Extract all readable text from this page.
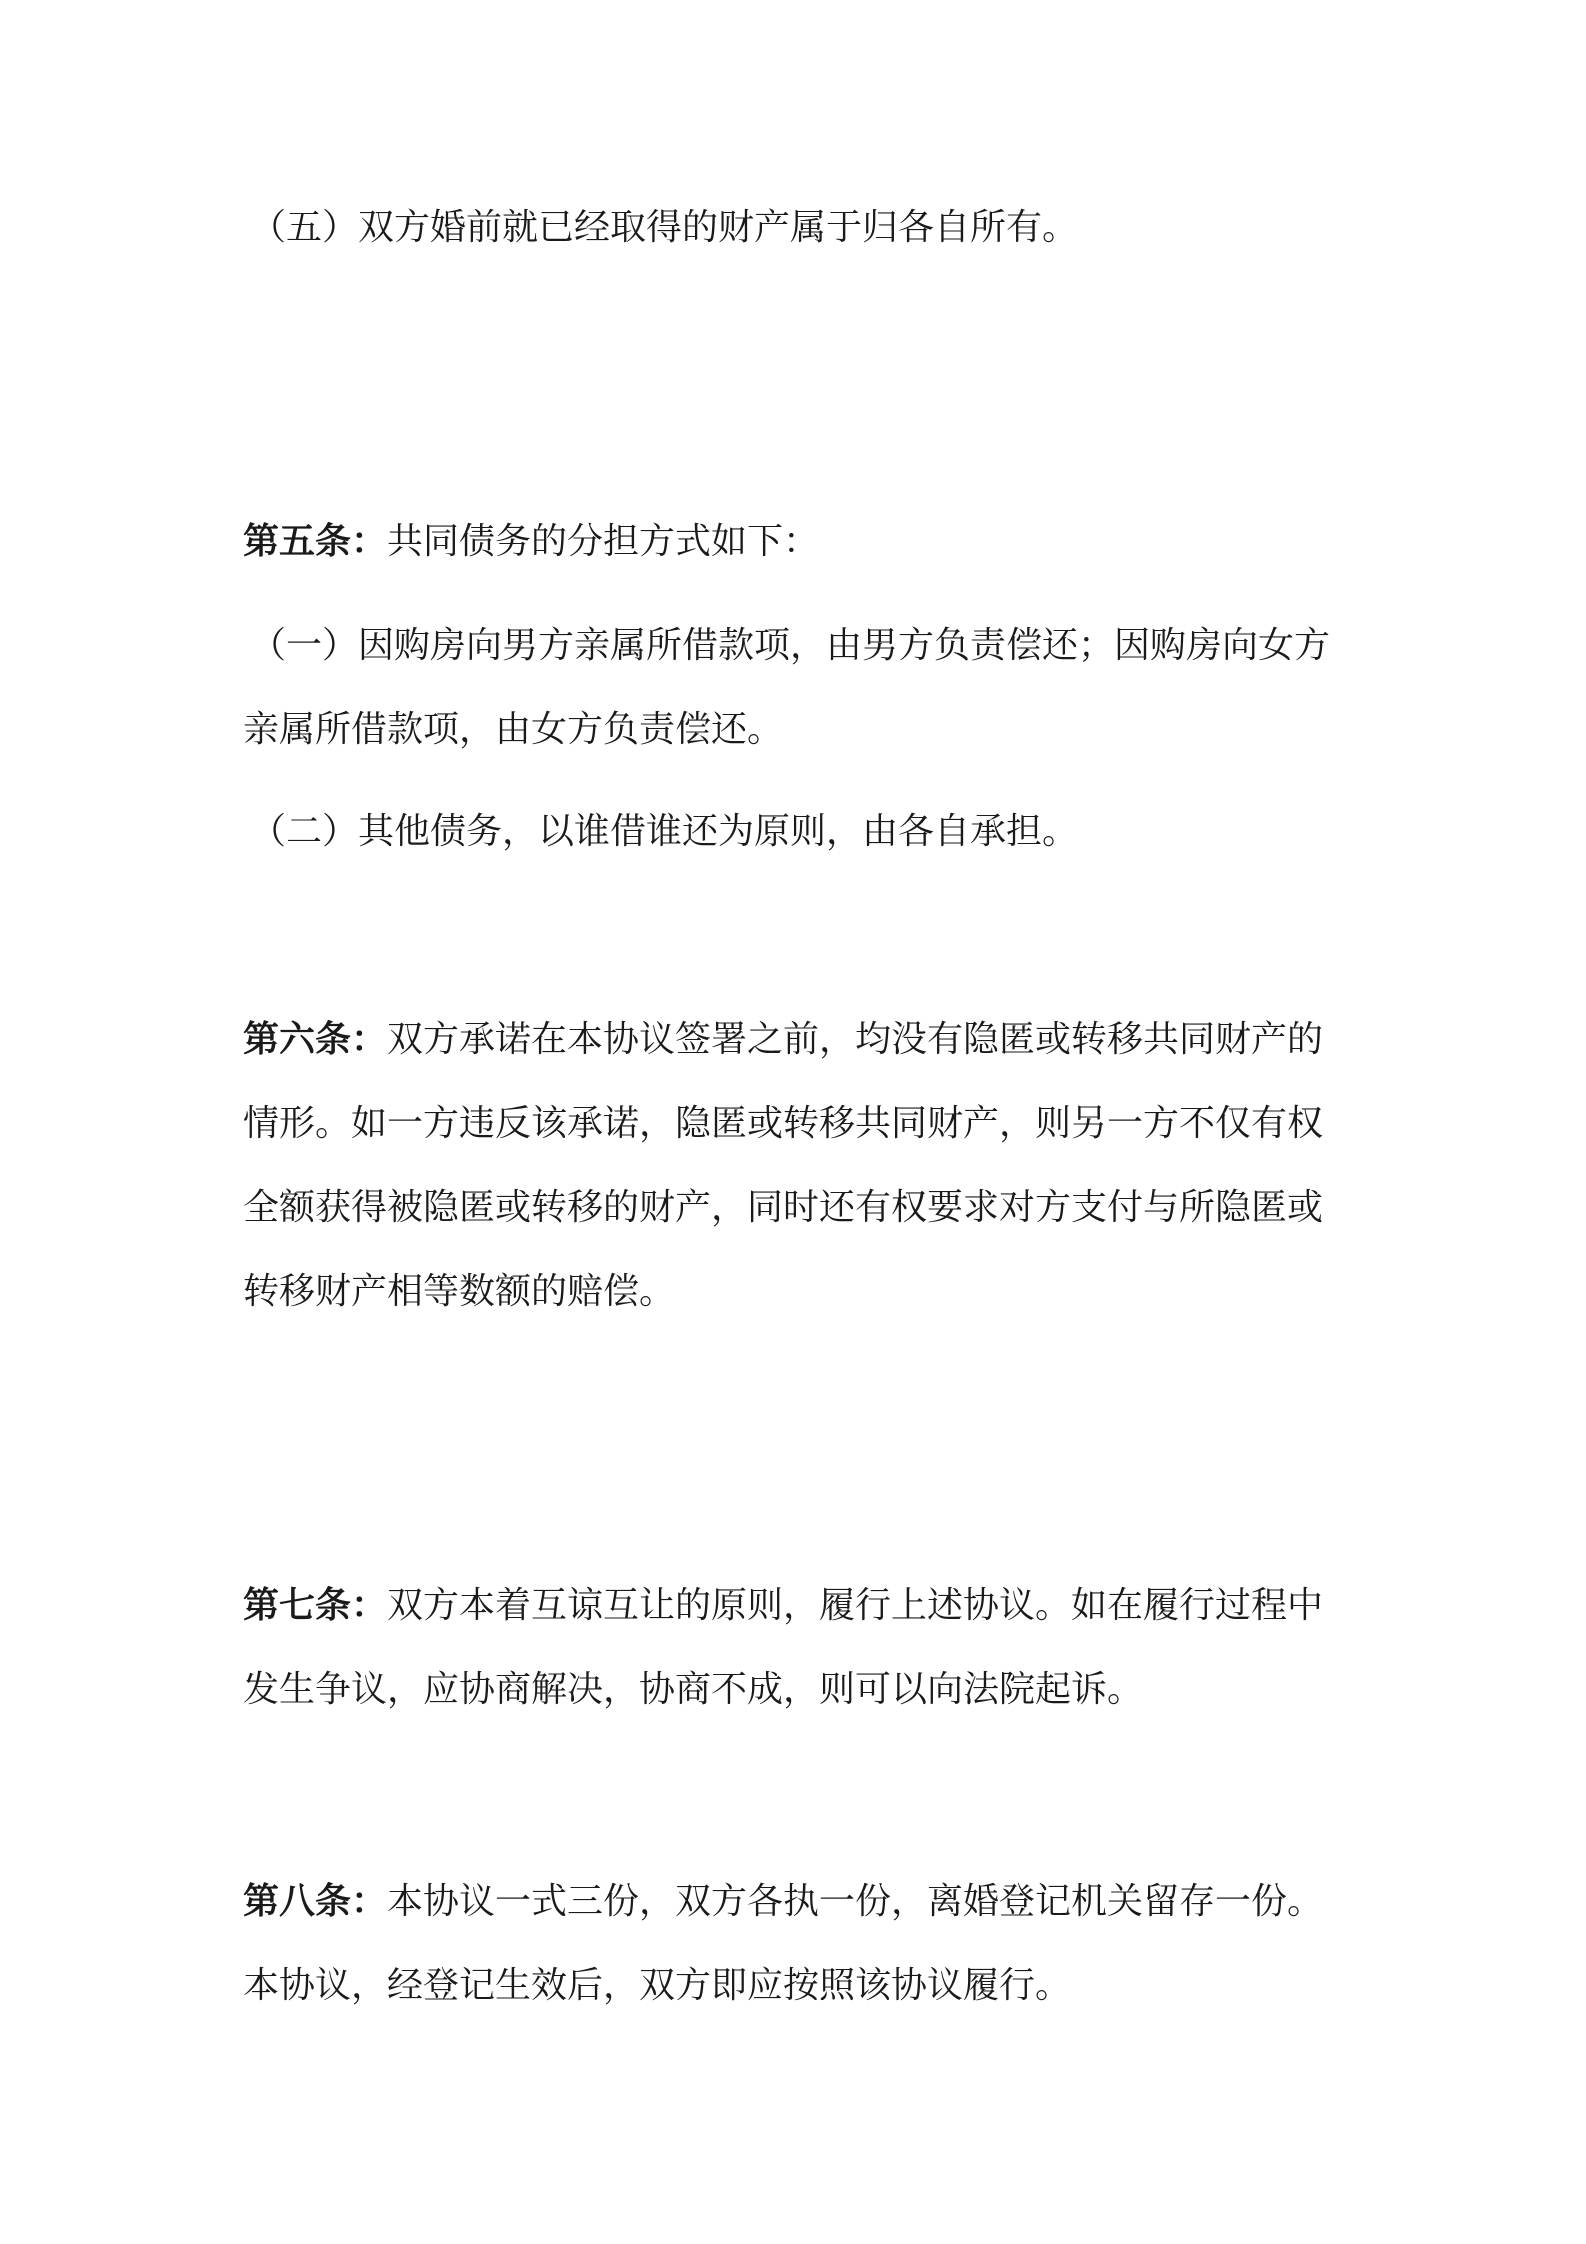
（五）双方婚前就已经取得的财产属于归各自所有。
第五条：共同债务的分担方式如下：
（一）因购房向男方亲属所借款项，由男方负责偿还；因购房向女方
亲属所借款项，由女方负责偿还。
（二）其他债务，以谁借谁还为原则，由各自承担。
第六条：双方承诺在本协议签署之前，均没有隐匿或转移共同财产的
情形。如一方违反该承诺，隐匿或转移共同财产，则另一方不仅有权
全额获得被隐匿或转移的财产，同时还有权要求对方支付与所隐匿或
转移财产相等数额的赔偿。
第七条：双方本着互谅互让的原则，履行上述协议。如在履行过程中
发生争议，应协商解决，协商不成，则可以向法院起诉。
第八条：本协议一式三份，双方各执一份，离婚登记机关留存一份。
本协议，经登记生效后，双方即应按照该协议履行。
